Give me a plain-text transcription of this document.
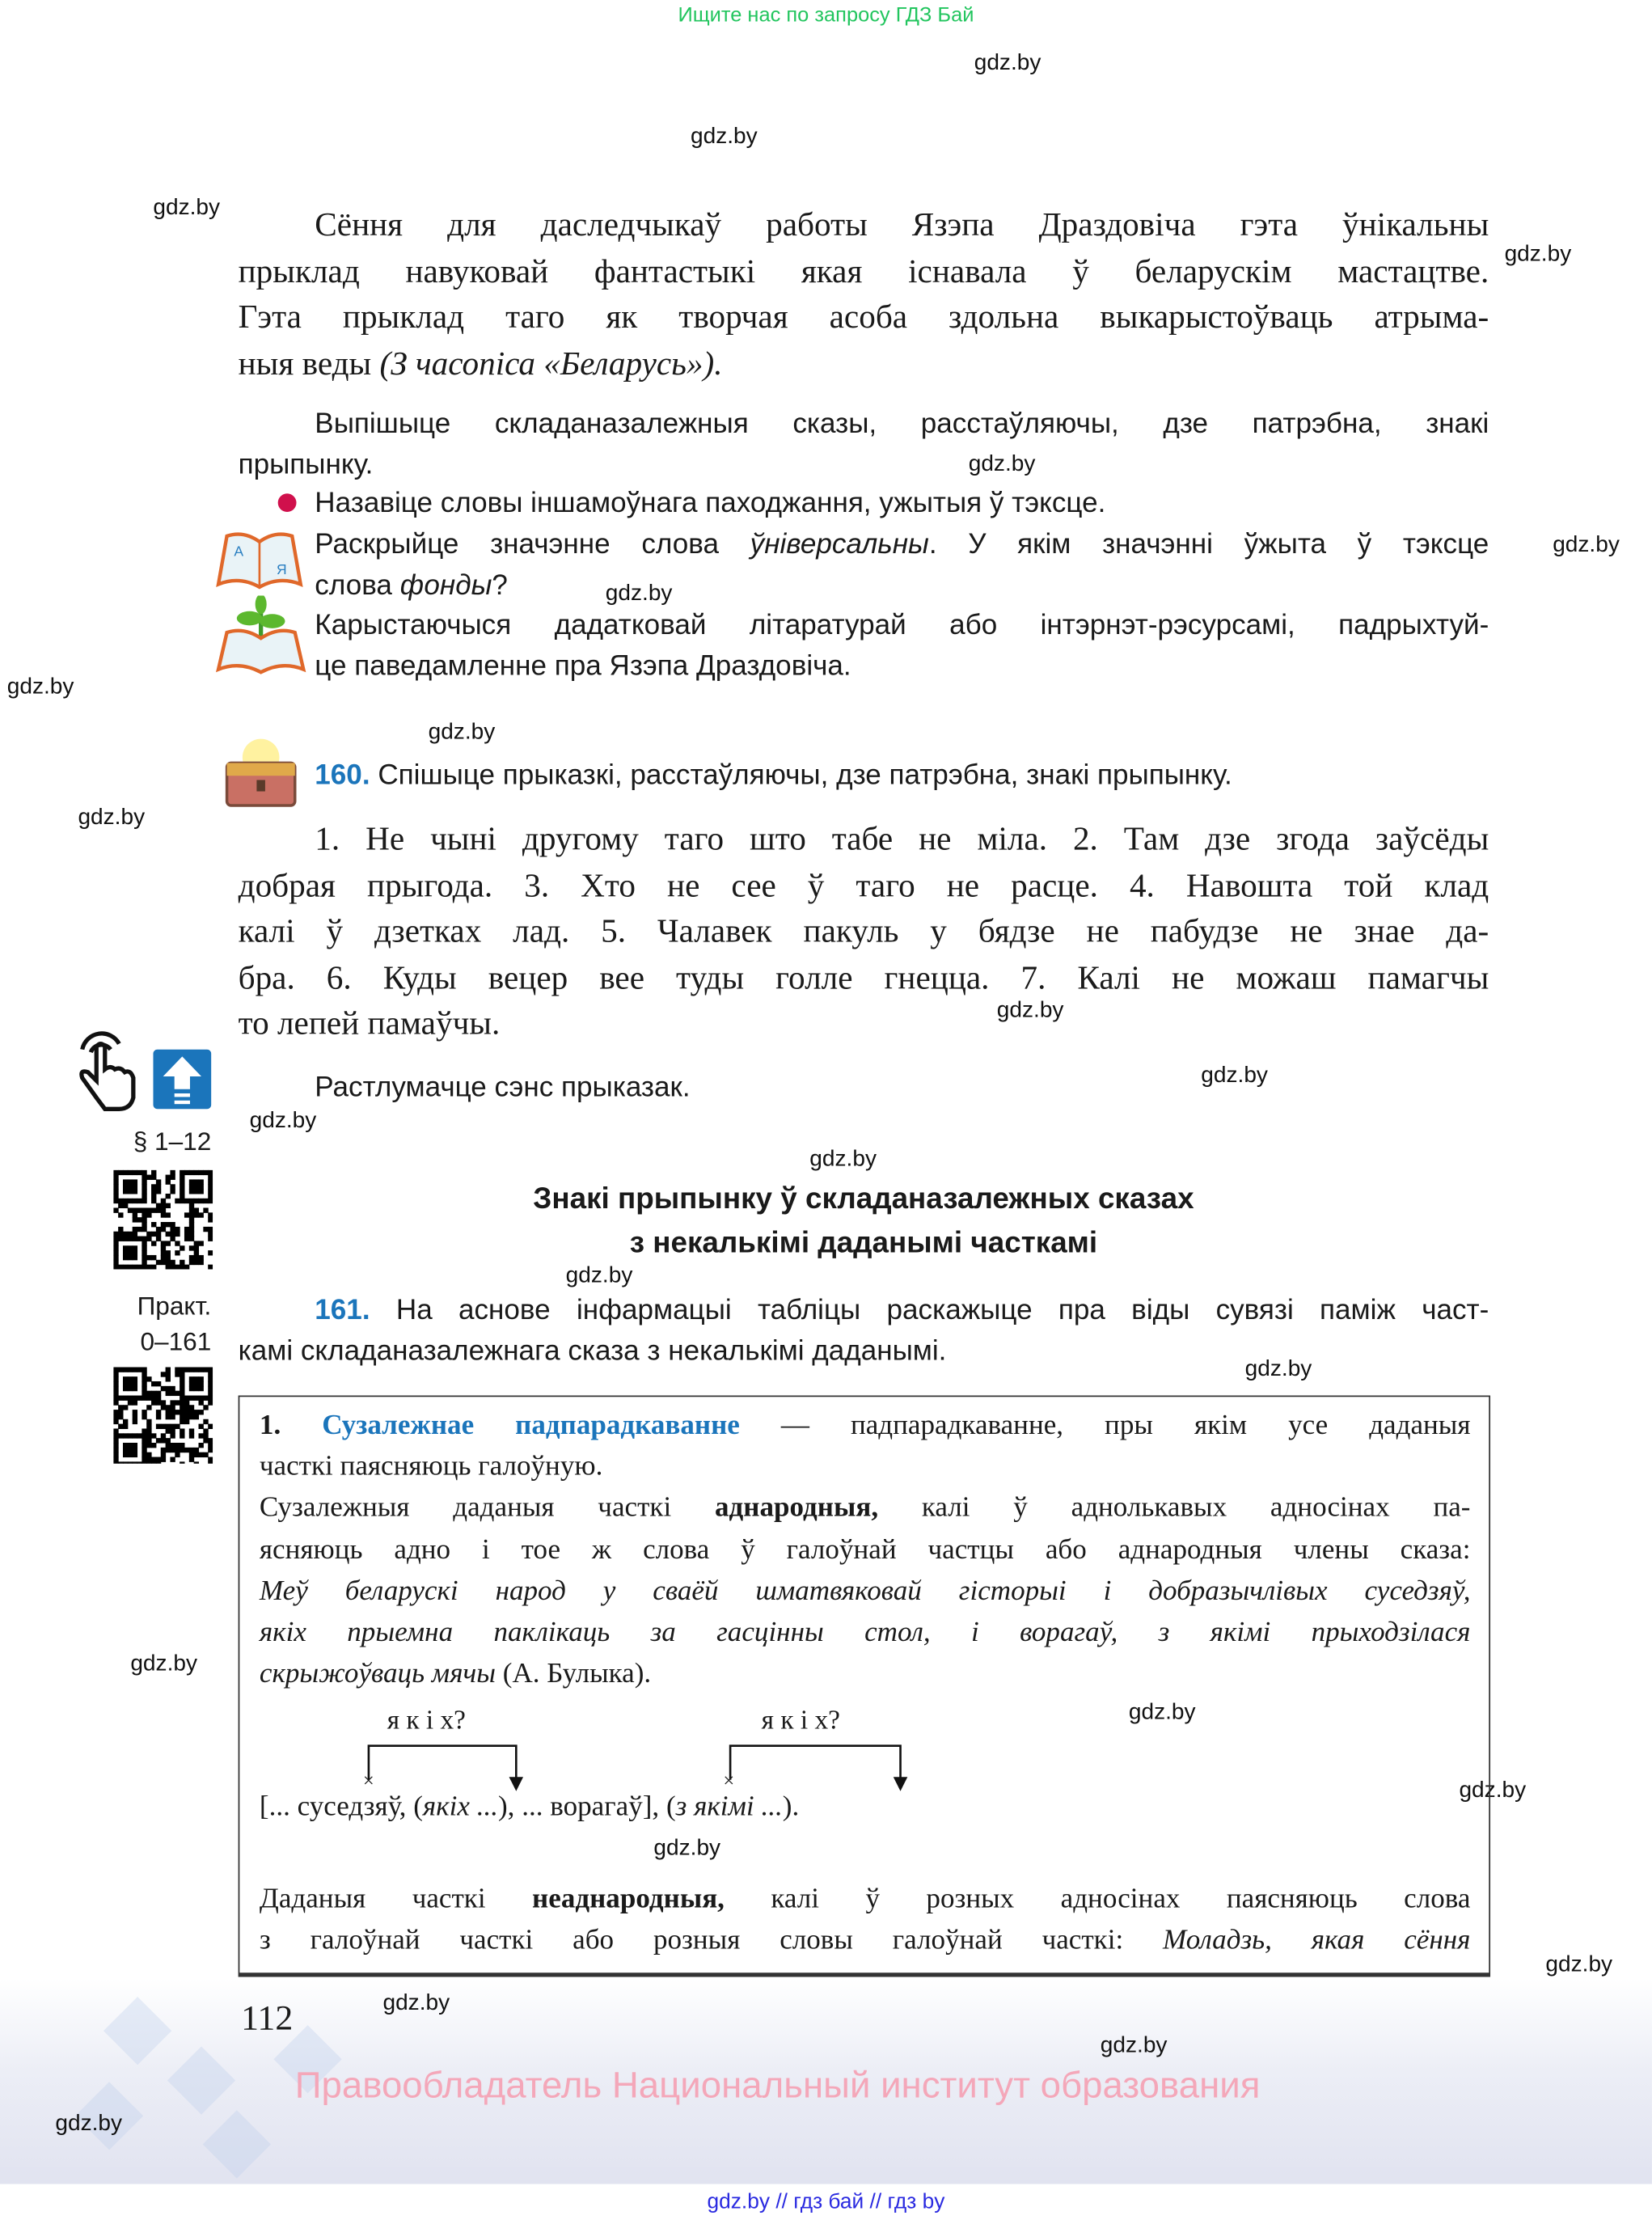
Ищите нас по запросу ГДЗ Бай
gdz.by
gdz.by
gdz.by
gdz.by
gdz.by
gdz.by
gdz.by
gdz.by
gdz.by
gdz.by
gdz.by
gdz.by
gdz.by
gdz.by
gdz.by
gdz.by
gdz.by
gdz.by
gdz.by
gdz.by
gdz.by
gdz.by
gdz.by
gdz.by
Сёння для даследчыкаў работы Язэпа Драздовіча гэта ўнікальны
прыклад навуковай фантастыкі якая існавала ў беларускім мастацтве.
Гэта прыклад таго як творчая асоба здольна выкарыстоўваць атрыма-
ныя веды (З часопіса «Беларусь»).
Выпішыце складаназалежныя сказы, расстаўляючы, дзе патрэбна, знакі
прыпынку.
Назавіце словы іншамоўнага паходжання, ужытыя ў тэксце.
А
Я
Раскрыйце значэнне слова ўніверсальны. У якім значэнні ўжыта ў тэксце
слова фонды?
Карыстаючыся дадатковай літаратурай або інтэрнэт-рэсурсамі, падрыхтуй-
це паведамленне пра Язэпа Драздовіча.
160. Спішыце прыказкі, расстаўляючы, дзе патрэбна, знакі прыпынку.
1. Не чыні другому таго што табе не міла. 2. Там дзе згода заўсёды
добрая прыгода. 3. Хто не сее ў таго не расце. 4. Навошта той клад
калі ў дзетках лад. 5. Чалавек пакуль у бядзе не пабудзе не знае да-
бра. 6. Куды вецер вее туды голле гнецца. 7. Калі не можаш памагчы
то лепей памаўчы.
Растлумачце сэнс прыказак.
§ 1–12
Практ.
0–161
Знакі прыпынку ў складаназалежных сказах
з некалькімі даданымі часткамі
161. На аснове інфармацыі табліцы раскажыце пра віды сувязі паміж част-
камі складаназалежнага сказа з некалькімі даданымі.
1. Сузалежнае падпарадкаванне — падпарадкаванне, пры якім усе даданыя
часткі паясняюць галоўную.
Сузалежныя даданыя часткі аднародныя, калі ў аднолькавых адносінах па-
ясняюць адно і тое ж слова ў галоўнай частцы або аднародныя члены сказа:
Меў беларускі народ у сваёй шматвяковай гісторыі і добразычлівых суседзяў,
якіх прыемна паклікаць за гасцінны стол, і ворагаў, з якімі прыходзілася
скрыжоўваць мячы (А. Булыка).
я к і х?	я к і х?
×	×
[... суседзяў, (якіх ...), ... ворагаў], (з якімі ...).
Даданыя часткі неаднародныя, калі ў розных адносінах паясняюць слова
з галоўнай часткі або розныя словы галоўнай часткі: Моладзь, якая сёння
112
Правообладатель Национальный институт образования
gdz.by // гдз бай // гдз by
